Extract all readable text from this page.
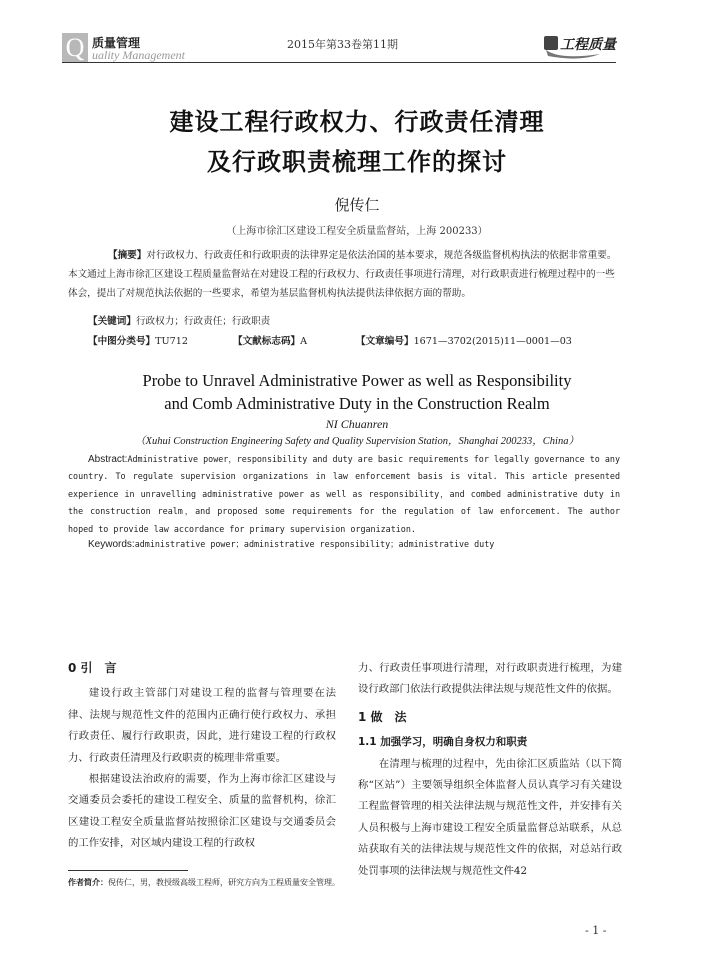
Q 质量管理
uality Management
2015年第33卷第11期	工程质量
建设工程行政权力、行政责任清理
及行政职责梳理工作的探讨
倪传仁
（上海市徐汇区建设工程安全质量监督站，上海 200233）
【摘要】对行政权力、行政责任和行政职责的法律界定是依法治国的基本要求，规范各级监督机构执法的依据非常重要。本文通过上海市徐汇区建设工程质量监督站在对建设工程的行政权力、行政责任事项进行清理，对行政职责进行梳理过程中的一些体会，提出了对规范执法依据的一些要求，希望为基层监督机构执法提供法律依据方面的帮助。
【关键词】行政权力；行政责任；行政职责
【中图分类号】TU712	【文献标志码】A	【文章编号】1671—3702(2015)11—0001—03
Probe to Unravel Administrative Power as well as Responsibility
and Comb Administrative Duty in the Construction Realm
NI Chuanren
（Xuhui Construction Engineering Safety and Quality Supervision Station，Shanghai 200233，China）
Abstract:Administrative power，responsibility and duty are basic requirements for legally governance to any country. To regulate supervision organizations in law enforcement basis is vital. This article presented experience in unravelling administrative power as well as responsibility，and combed administrative duty in the construction realm，and proposed some requirements for the regulation of law enforcement. The author hoped to provide law accordance for primary supervision organization.
Keywords:administrative power；administrative responsibility；administrative duty
0 引　言

建设行政主管部门对建设工程的监督与管理要在法律、法规与规范性文件的范围内正确行使行政权力、承担行政责任、履行行政职责，因此，进行建设工程的行政权力、行政责任清理及行政职责的梳理非常重要。

根据建设法治政府的需要，作为上海市徐汇区建设与交通委员会委托的建设工程安全、质量的监督机构，徐汇区建设工程安全质量监督站按照徐汇区建设与交通委员会的工作安排，对区域内建设工程的行政权

作者简介：倪传仁，男，教授级高级工程师，研究方向为工程质量安全管理。
力、行政责任事项进行清理，对行政职责进行梳理，为建设行政部门依法行政提供法律法规与规范性文件的依据。
1 做　法
1.1 加强学习，明确自身权力和职责

在清理与梳理的过程中，先由徐汇区质监站（以下简称“区站”）主要领导组织全体监督人员认真学习有关建设工程监督管理的相关法律法规与规范性文件，并安排有关人员积极与上海市建设工程安全质量监督总站联系，从总站获取有关的法律法规与规范性文件的依据，对总站行政处罚事项的法律法规与规范性文件42

- 1 -
